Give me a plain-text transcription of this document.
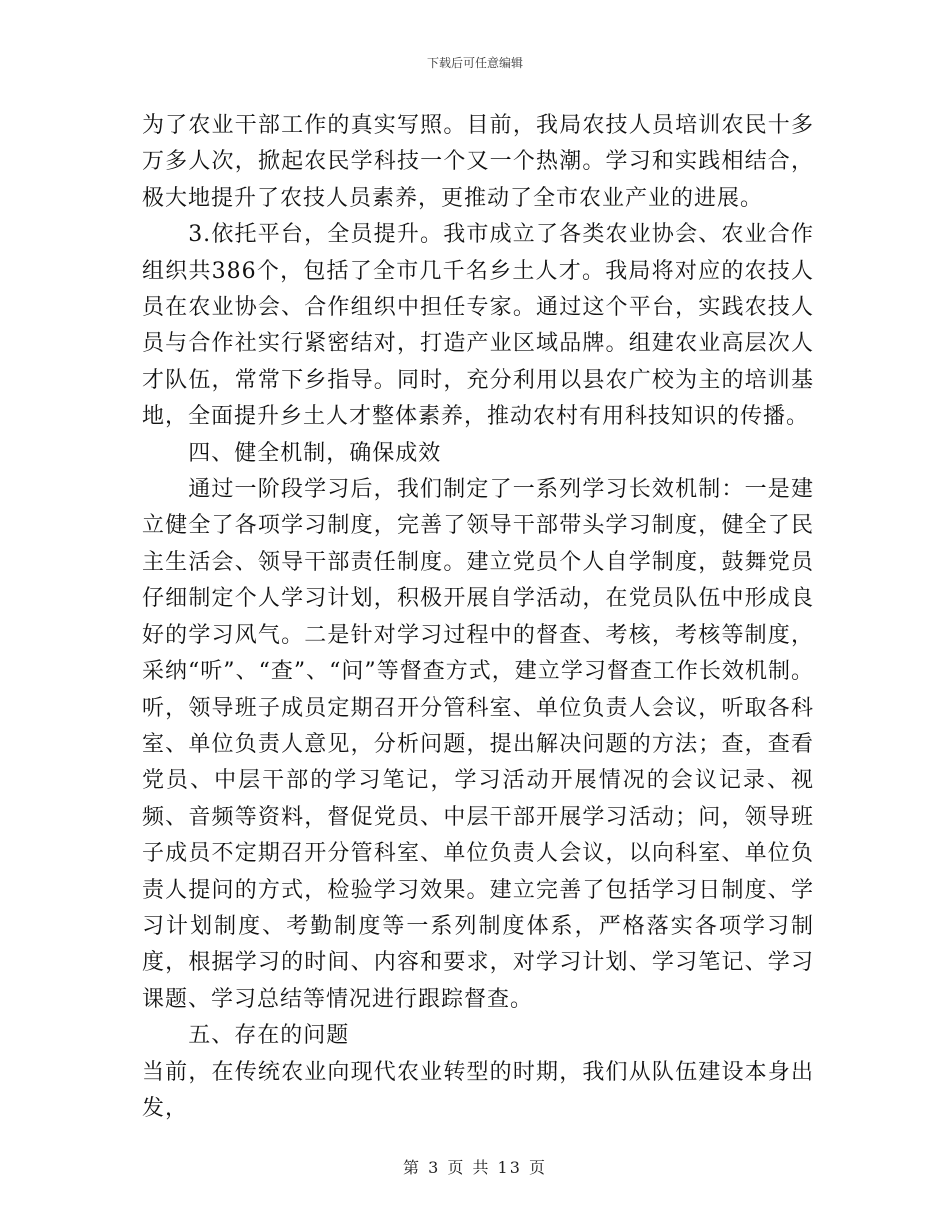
下载后可任意编辑

为了农业干部工作的真实写照。目前，我局农技人员培训农民十多万多人次，掀起农民学科技一个又一个热潮。学习和实践相结合，极大地提升了农技人员素养，更推动了全市农业产业的进展。

3.依托平台，全员提升。我市成立了各类农业协会、农业合作组织共386个，包括了全市几千名乡土人才。我局将对应的农技人员在农业协会、合作组织中担任专家。通过这个平台，实践农技人员与合作社实行紧密结对，打造产业区域品牌。组建农业高层次人才队伍，常常下乡指导。同时，充分利用以县农广校为主的培训基地，全面提升乡土人才整体素养，推动农村有用科技知识的传播。

四、健全机制，确保成效

通过一阶段学习后，我们制定了一系列学习长效机制：一是建立健全了各项学习制度，完善了领导干部带头学习制度，健全了民主生活会、领导干部责任制度。建立党员个人自学制度，鼓舞党员仔细制定个人学习计划，积极开展自学活动，在党员队伍中形成良好的学习风气。二是针对学习过程中的督查、考核，考核等制度，采纳“听”、“查”、“问”等督查方式，建立学习督查工作长效机制。听，领导班子成员定期召开分管科室、单位负责人会议，听取各科室、单位负责人意见，分析问题，提出解决问题的方法；查，查看党员、中层干部的学习笔记，学习活动开展情况的会议记录、视频、音频等资料，督促党员、中层干部开展学习活动；问，领导班子成员不定期召开分管科室、单位负责人会议，以向科室、单位负责人提问的方式，检验学习效果。建立完善了包括学习日制度、学习计划制度、考勤制度等一系列制度体系，严格落实各项学习制度，根据学习的时间、内容和要求，对学习计划、学习笔记、学习课题、学习总结等情况进行跟踪督查。

五、存在的问题

当前，在传统农业向现代农业转型的时期，我们从队伍建设本身出发，

第 3 页 共 13 页
